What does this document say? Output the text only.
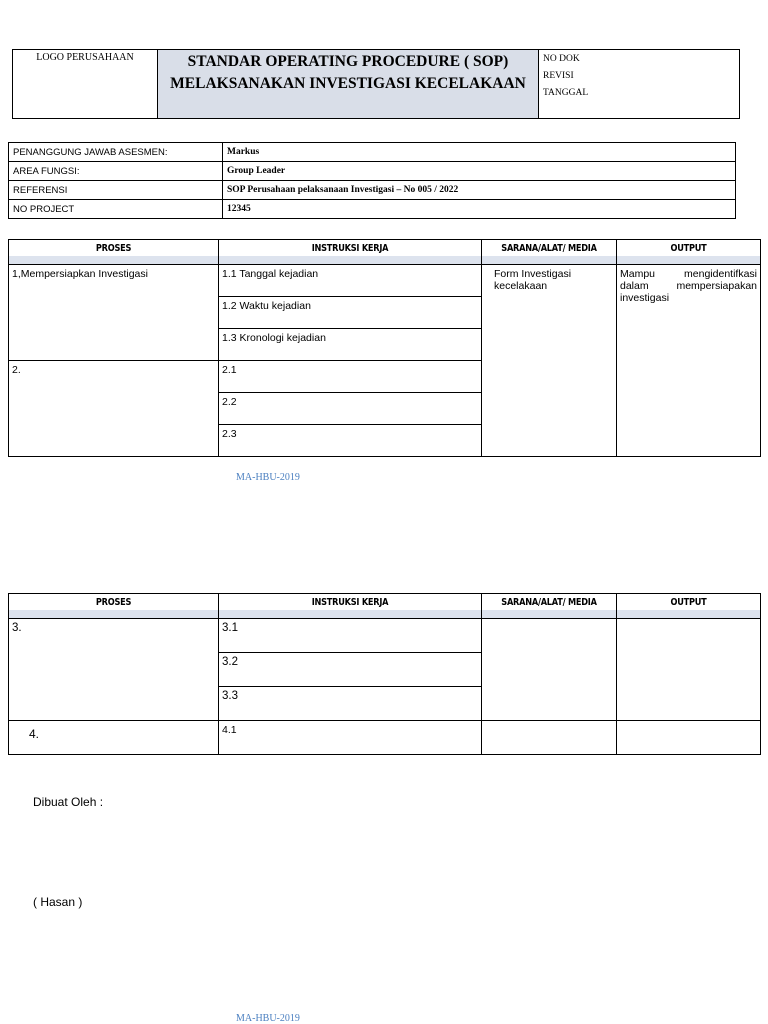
LOGO PERUSAHAAN	STANDAR OPERATING PROCEDURE ( SOP)
MELAKSANAKAN INVESTIGASI KECELAKAAN
NO DOK
REVISI
TANGGAL
PENANGGUNG JAWAB ASESMEN:	Markus
AREA FUNGSI:	Group Leader
REFERENSI	SOP Perusahaan pelaksanaan Investigasi – No 005 / 2022
NO PROJECT	12345
PROSES	INSTRUKSI KERJA	SARANA/ALAT/ MEDIA	OUTPUT

1,Mempersiapkan Investigasi	1.1 Tanggal kejadian	Form Investigasi kecelakaan	Mampu mengidentifkasi dalam mempersiapakan investigasi
	1.2 Waktu kejadian		
	1.3 Kronologi kejadian		
2.	2.1		
	2.2		
	2.3		
MA-HBU-2019
PROSES	INSTRUKSI KERJA	SARANA/ALAT/ MEDIA	OUTPUT

3.	3.1		
	3.2		
	3.3		
4.	4.1		
Dibuat Oleh :
( Hasan )
MA-HBU-2019
